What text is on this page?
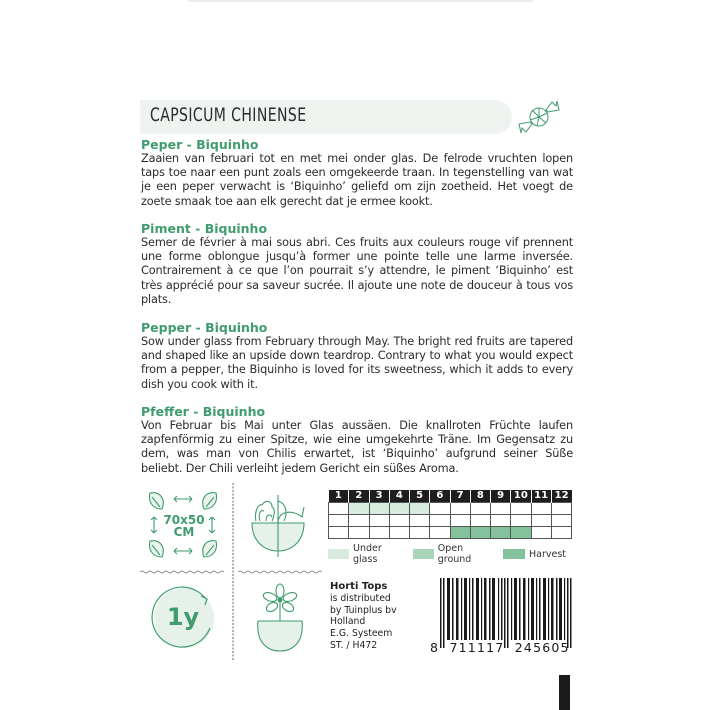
CAPSICUM CHINENSE
Peper - Biquinho

Zaaien van februari tot en met mei onder glas. De felrode vruchten lopen taps toe naar een punt zoals een omgekeerde traan. In tegenstelling van wat je een peper verwacht is ‘Biquinho’ geliefd om zijn zoetheid. Het voegt de zoete smaak toe aan elk gerecht dat je ermee kookt.

Piment - Biquinho

Semer de février à mai sous abri. Ces fruits aux couleurs rouge vif prennent une forme oblongue jusqu’à former une pointe telle une larme inversée. Contrairement à ce que l’on pourrait s’y attendre, le piment ‘Biquinho’ est très apprécié pour sa saveur sucrée. Il ajoute une note de douceur à tous vos plats.

Pepper - Biquinho

Sow under glass from February through May. The bright red fruits are tapered and shaped like an upside down teardrop. Contrary to what you would expect from a pepper, the Biquinho is loved for its sweetness, which it adds to every dish you cook with it.

Pfeffer - Biquinho

Von Februar bis Mai unter Glas aussäen. Die knallroten Früchte laufen zapfenförmig zu einer Spitze, wie eine umgekehrte Träne. Im Gegensatz zu dem, was man von Chilis erwartet, ist ‘Biquinho’ aufgrund seiner Süße beliebt. Der Chili verleiht jedem Gericht ein süßes Aroma.

70x50
CM
1y
1	2	3	4	5	6	7	8	9	10	11	12

Under glass
Open ground	Harvest
Horti Tops
is distributed
by Tuinplus bv
Holland
E.G. Systeem
ST. / H472	8  711117  245605
